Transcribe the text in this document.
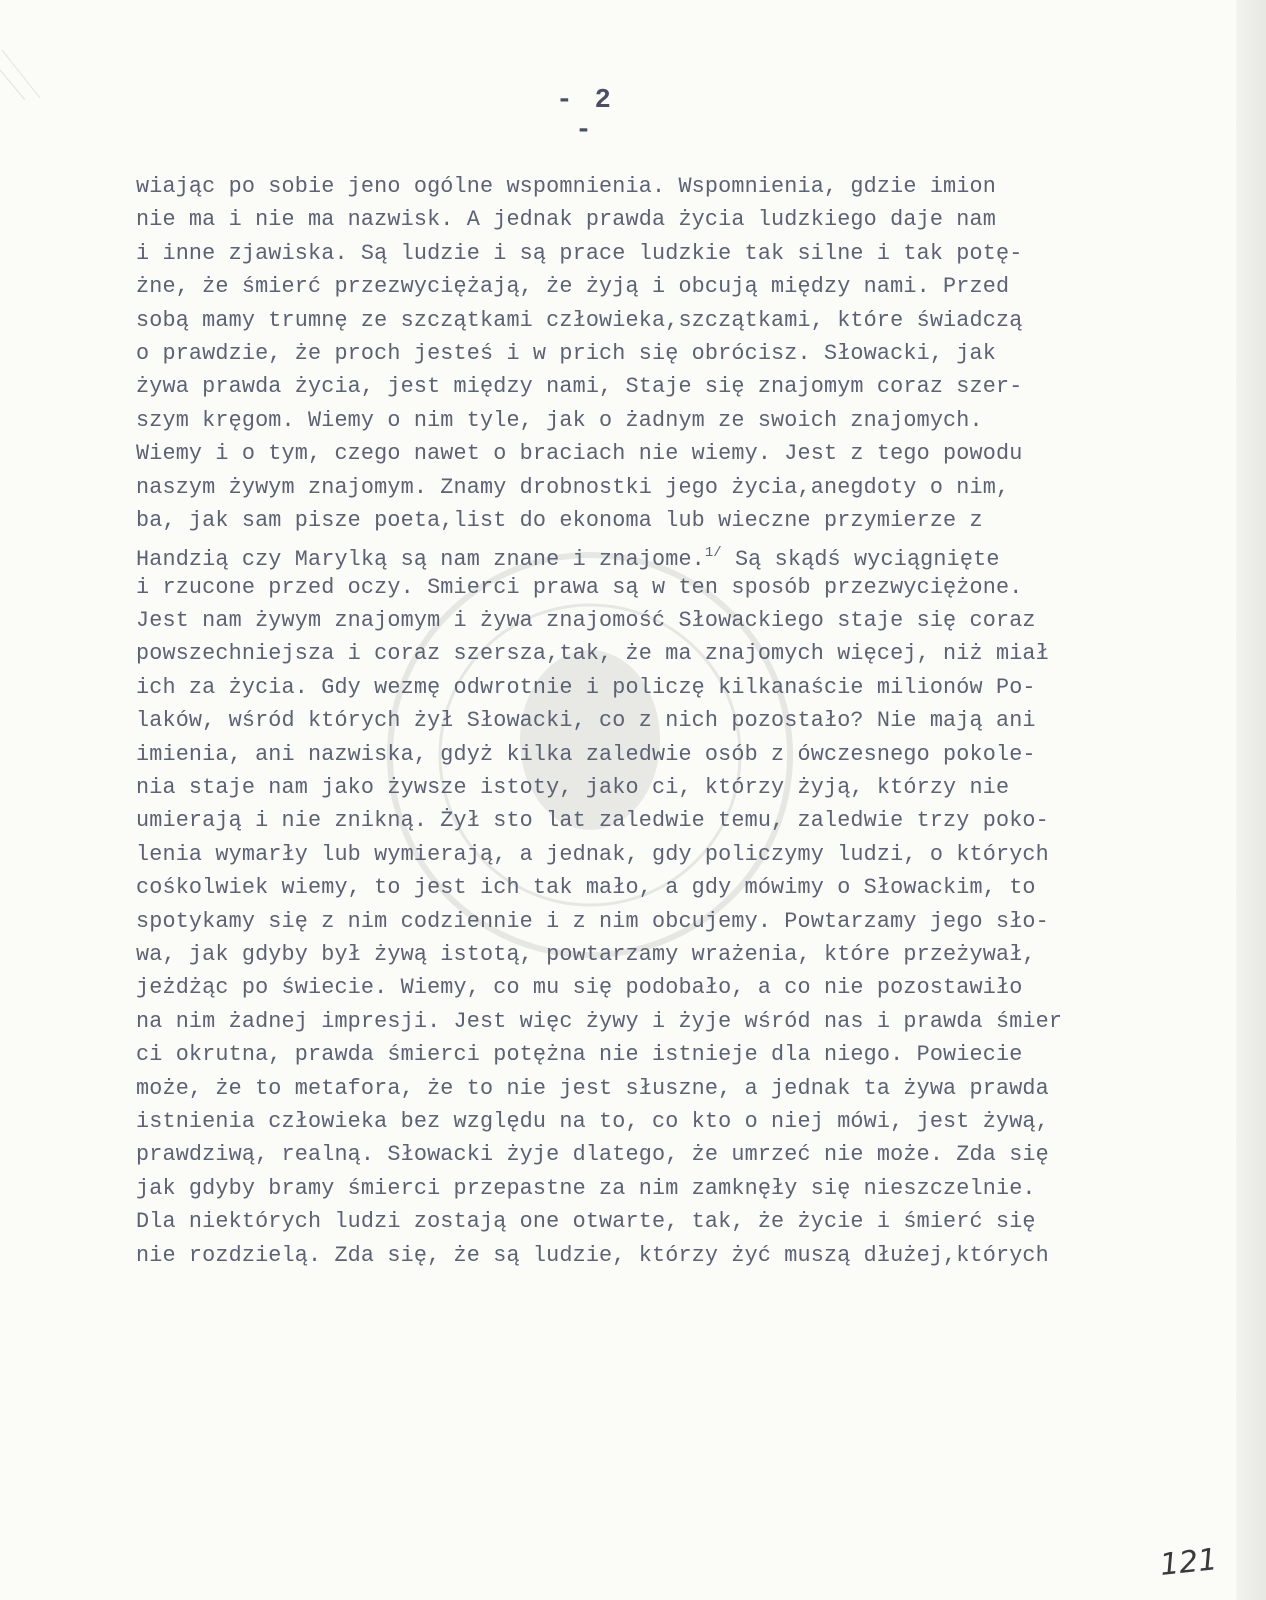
- 2 -
wiając po sobie jeno ogólne wspomnienia. Wspomnienia, gdzie imion
nie ma i nie ma nazwisk. A jednak prawda życia ludzkiego daje nam
i inne zjawiska. Są ludzie i są prace ludzkie tak silne i tak potę-
żne, że śmierć przezwyciężają, że żyją i obcują między nami. Przed
sobą mamy trumnę ze szczątkami człowieka,szczątkami, które świadczą
o prawdzie, że proch jesteś i w prich się obrócisz. Słowacki, jak
żywa prawda życia, jest między nami, Staje się znajomym coraz szer-
szym kręgom. Wiemy o nim tyle, jak o żadnym ze swoich znajomych.
Wiemy i o tym, czego nawet o braciach nie wiemy. Jest z tego powodu
naszym żywym znajomym. Znamy drobnostki jego życia,anegdoty o nim,
ba, jak sam pisze poeta,list do ekonoma lub wieczne przymierze z
Handzią czy Marylką są nam znane i znajome.$^{1/}$ Są skądś wyciągnięte
i rzucone przed oczy. Smierci prawa są w ten sposób przezwyciężone.
Jest nam żywym znajomym i żywa znajomość Słowackiego staje się coraz
powszechniejsza i coraz szersza,tak, że ma znajomych więcej, niż miał
ich za życia. Gdy wezmę odwrotnie i policzę kilkanaście milionów Po-
laków, wśród których żył Słowacki, co z nich pozostało? Nie mają ani
imienia, ani nazwiska, gdyż kilka zaledwie osób z ówczesnego pokole-
nia staje nam jako żywsze istoty, jako ci, którzy żyją, którzy nie
umierają i nie znikną. Żył sto lat zaledwie temu, zaledwie trzy poko-
lenia wymarły lub wymierają, a jednak, gdy policzymy ludzi, o których
cośkolwiek wiemy, to jest ich tak mało, a gdy mówimy o Słowackim, to
spotykamy się z nim codziennie i z nim obcujemy. Powtarzamy jego sło-
wa, jak gdyby był żywą istotą, powtarzamy wrażenia, które przeżywał,
jeżdżąc po świecie. Wiemy, co mu się podobało, a co nie pozostawiło
na nim żadnej impresji. Jest więc żywy i żyje wśród nas i prawda śmier
ci okrutna, prawda śmierci potężna nie istnieje dla niego. Powiecie
może, że to metafora, że to nie jest słuszne, a jednak ta żywa prawda
istnienia człowieka bez względu na to, co kto o niej mówi, jest żywą,
prawdziwą, realną. Słowacki żyje dlatego, że umrzeć nie może. Zda się
jak gdyby bramy śmierci przepastne za nim zamknęły się nieszczelnie.
Dla niektórych ludzi zostają one otwarte, tak, że życie i śmierć się
nie rozdzielą. Zda się, że są ludzie, którzy żyć muszą dłużej,których
121
